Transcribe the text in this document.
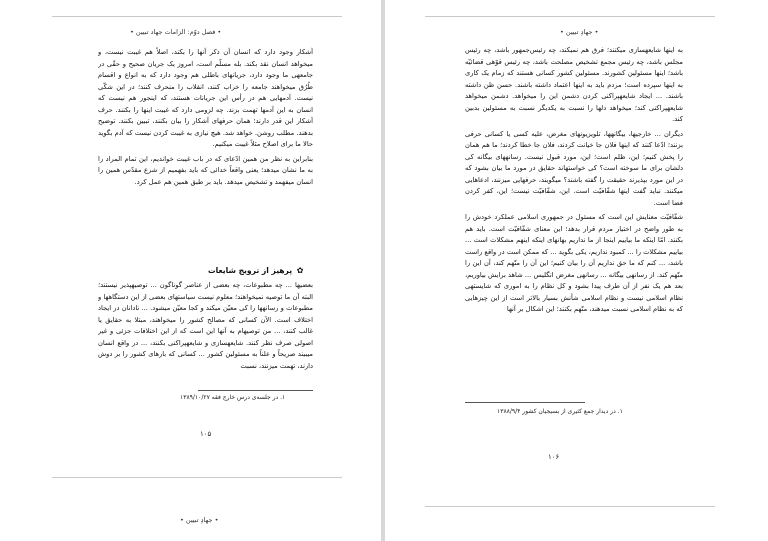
• فصل دوّم: الزامات جهاد تبیین •

آشکار وجود دارد که انسان آن ذکر آنها را بکند، اصلاً هم غیبت نیست، و میخواهد انسان نقد بکند. بله مسلّم است، امروز یک جریان صحیح و حقّی در جامعهی ما وجود دارد، جریانهای باطلی هم وجود دارد که به انواع و اقسام طُرُق میخواهند جامعه را خراب کنند، انقلاب را منحرف کنند؛ در این شکّی نیست. آدمهایی هم در رأس این جریانات هستند، که اینجور هم نیست که انسان به این آدمها تهمت بزند. چه لزومی دارد که غیبت اینها را بکنند. حرف آشکار این قدر دارند؛ همان حرفهای آشکار را بیان بکنند، تبیین بکنند. توضیح بدهند. مطلب روشن. خواهد شد. هیچ نیازی به غیبت کردن نیست که آدم بگوید حالا ما برای اصلاح مثلاً غیبت میکنیم.

بنابراین به نظر من همین ادّعای که در باب غیبت خواندیم، این تمام المراد را به ما نشان میدهد؛ یعنی واقعاً خدائی که باید بفهمیم از شرع مقدّس همین را انسان میفهمد و تشخیص میدهد. باید بر طبق همین هم عمل کرد.

✿ پرهیز از ترویج شایعات

بعضیها ... چه مطبوعات، چه بعضی از عناصر گوناگون ... توصیهپذیر نیستند؛ البته آن ما توصیه نمیخواهند؛ معلوم نیست سیاستهای بعضی از این دستگاهها و مطبوعات و رسانهها را کی معیّن میکند و کجا معیّن میشود. ... نادانان در ایجاد اختلاف است. الآن کسانی که مصالح کشور را میخواهند، مبتلا به حقایق یا غالب کنند، ... من توصیهام به آنها این است که از این اختلافات جزئی و غیر اصولی صرف نظر کنند. شایعهسازی و شایعهپراکنی بکنند، ... در واقع انسان میبیند صریحاً و علناً به مسئولین کشور ... کسانی که بارهای کشور را بر دوش دارند، تهمت میزنند، نسبت

۱. در جلسه‌ی درس خارج فقه ۱۳۸۹/۱۰/۲۷
۱۰۵
• جهادِ تبیین •
• جهادِ تبیین •

به اینها شایعهسازی میکنند؛ فرق هم نمیکند، چه رئیس‌جمهور باشد، چه رئیس مجلس باشد، چه رئیس مجمع تشخیص مصلحت باشد، چه رئیس قوّهی قضائیّه باشد؛ اینها مسئولین کشورند. مسئولین کشور کسانی هستند که زمام یک کاری به اینها سپرده است؛ مردم باید به اینها اعتماد داشته باشند. حسن ظن داشته باشند. ... ایجاد شایعهپراکنی کردن دشمن این را میخواهد. دشمن میخواهد شایعهپراکنی کند؛ میخواهد دلها را نسبت به یکدیگر نسبت به مسئولین بدبین کند.

دیگران ... خارجیها، بیگانهها، تلویزیونهای مغرض، علیه کسی یا کسانی حرفی بزنند؛ ادّعا کنند که اینها فلان جا خیانت کردند، فلان جا خطا کردند؛ ما هم همان را پخش کنیم؛ این، ظلم است؛ این، مورد قبول نیست. رسانههای بیگانه کی دلشان برای ما سوخته است؟ کی خواستهاند حقایق در مورد ما بیان بشود که در این مورد بپذیرند حقیقت را گفته باشند؟ میگویند، حرفهایی میزنند، ادعاهایی میکنند. نباید گفت اینها شفّافیّت است. این، شفّافیّت نیست؛ این، کفر کردن فضا است.

شفّافیّت معنایش این است که مسئول در جمهوری اسلامی عملکرد خودش را به طور واضح در اختیار مردم قرار بدهد؛ این معنای شفّافیّت است. باید هم بکنند. امّا اینکه ما بیاییم اینجا از ما نداریم بهانهای اینکه اینهم مشکلات است ... بیاییم مشکلات را ... کمبود نداریم، یکی بگوید ... که ممکن است در واقع راست باشد، ... کنم که ما حق نداریم آن را بیان کنیم؛ این آن را متّهم کند، آن این را متّهم کند. از رسانهی بیگانه ... رسانهی مغرض انگلیس ... شاهد برایش بیاوریم، بعد هم یک نفر از آن طرف پیدا بشود و کل نظام را به اموری که شایستهی نظام اسلامی نیست و نظام اسلامی شأنش بسیار بالاتر است از این چیزهایی که به نظام اسلامی نسبت میدهند، متّهم بکنند؛ این اشکال بر آنها

۱. در دیدار جمع کثیری از بسیجیان کشور ۱۳۸۸/۹/۴
۱۰۶
